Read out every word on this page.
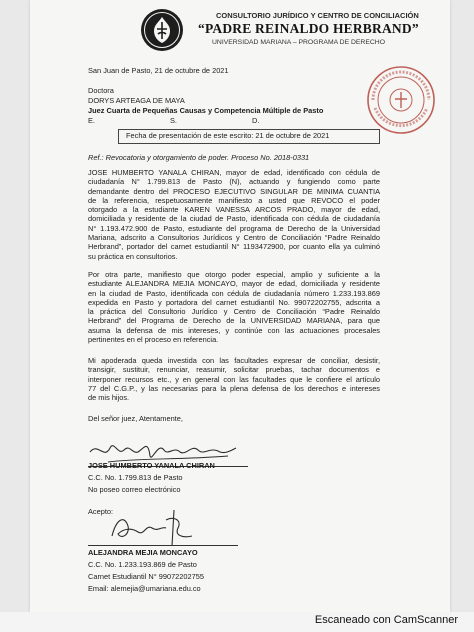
CONSULTORIO JURÍDICO Y CENTRO DE CONCILIACIÓN
“PADRE REINALDO HERBRAND”
UNIVERSIDAD MARIANA – PROGRAMA DE DERECHO
San Juan de Pasto, 21 de octubre de 2021
Doctora
DORYS ARTEAGA DE MAYA
Juez Cuarta de Pequeñas Causas y Competencia Múltiple de Pasto
E.	S.	D.
Fecha de presentación de este escrito: 21 de octubre de 2021
Ref.: Revocatoria y otorgamiento de poder. Proceso No. 2018-0331
JOSE HUMBERTO YANALA CHIRAN, mayor de edad, identificado con cédula de
ciudadanía N° 1.799.813 de Pasto (N), actuando y fungiendo como parte
demandante dentro del PROCESO EJECUTIVO SINGULAR DE MINIMA CUANTIA
de la referencia, respetuosamente manifiesto a usted que REVOCO el poder
otorgado a la estudiante KAREN VANESSA ARCOS PRADO, mayor de edad,
domiciliada y residente de la ciudad de Pasto, identificada con cédula de ciudadanía
N° 1.193.472.900 de Pasto, estudiante del programa de Derecho de la Universidad
Mariana, adscrito a Consultorios Jurídicos y Centro de Conciliación “Padre Reinaldo
Herbrand”, portador del carnet estudiantil N° 1193472900, por cuanto ella ya culminó
su práctica en consultorios.
Por otra parte, manifiesto que otorgo poder especial, amplio y suficiente a la
estudiante ALEJANDRA MEJIA MONCAYO, mayor de edad, domiciliada y residente
en la ciudad de Pasto, identificada con cédula de ciudadanía número 1.233.193.869
expedida en Pasto y portadora del carnet estudiantil No. 99072202755, adscrita a
la práctica del Consultorio Jurídico y Centro de Conciliación “Padre Reinaldo
Herbrand” del Programa de Derecho de la UNIVERSIDAD MARIANA, para que
asuma la defensa de mis intereses, y continúe con las actuaciones procesales
pertinentes en el proceso en referencia.
Mi apoderada queda investida con las facultades expresar de conciliar, desistir,
transigir, sustituir, renunciar, reasumir, solicitar pruebas, tachar documentos e
interponer recursos etc., y en general con las facultades que le confiere el artículo
77 del C.G.P., y las necesarias para la plena defensa de los derechos e intereses
de mis hijos.
Del señor juez, Atentamente,
JOSE HUMBERTO YANALA CHIRAN
C.C. No. 1.799.813 de Pasto
No poseo correo electrónico
Acepto:
ALEJANDRA MEJIA MONCAYO
C.C. No. 1.233.193.869 de Pasto
Carnet Estudiantil N° 99072202755
Email: alemejia@umariana.edu.co
Escaneado con CamScanner
